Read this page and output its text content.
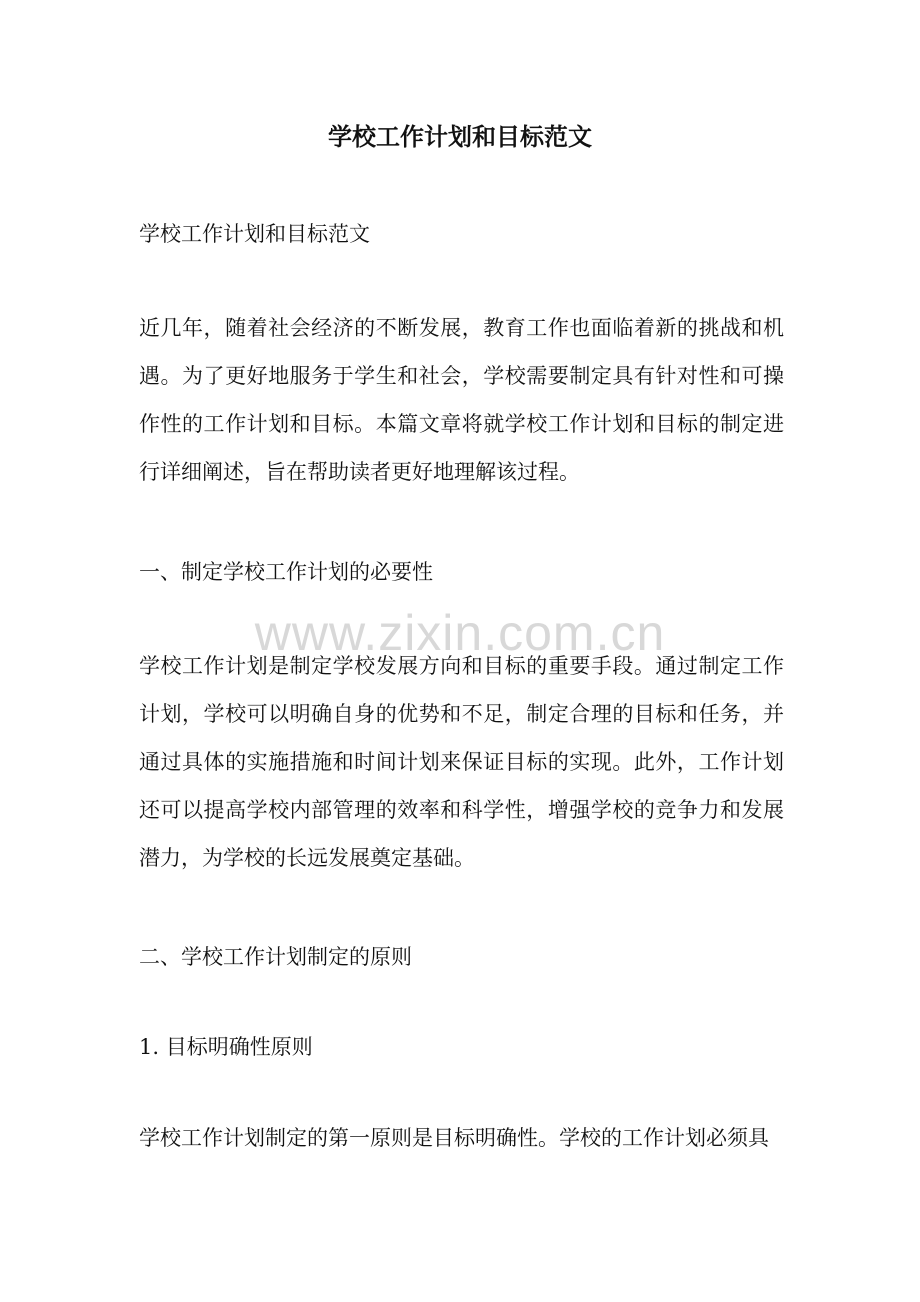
学校工作计划和目标范文
学校工作计划和目标范文
近几年，随着社会经济的不断发展，教育工作也面临着新的挑战和机遇。为了更好地服务于学生和社会，学校需要制定具有针对性和可操作性的工作计划和目标。本篇文章将就学校工作计划和目标的制定进行详细阐述，旨在帮助读者更好地理解该过程。
一、制定学校工作计划的必要性
www.zixin.com.cn
学校工作计划是制定学校发展方向和目标的重要手段。通过制定工作计划，学校可以明确自身的优势和不足，制定合理的目标和任务，并通过具体的实施措施和时间计划来保证目标的实现。此外，工作计划还可以提高学校内部管理的效率和科学性，增强学校的竞争力和发展潜力，为学校的长远发展奠定基础。
二、学校工作计划制定的原则
1. 目标明确性原则
学校工作计划制定的第一原则是目标明确性。学校的工作计划必须具
